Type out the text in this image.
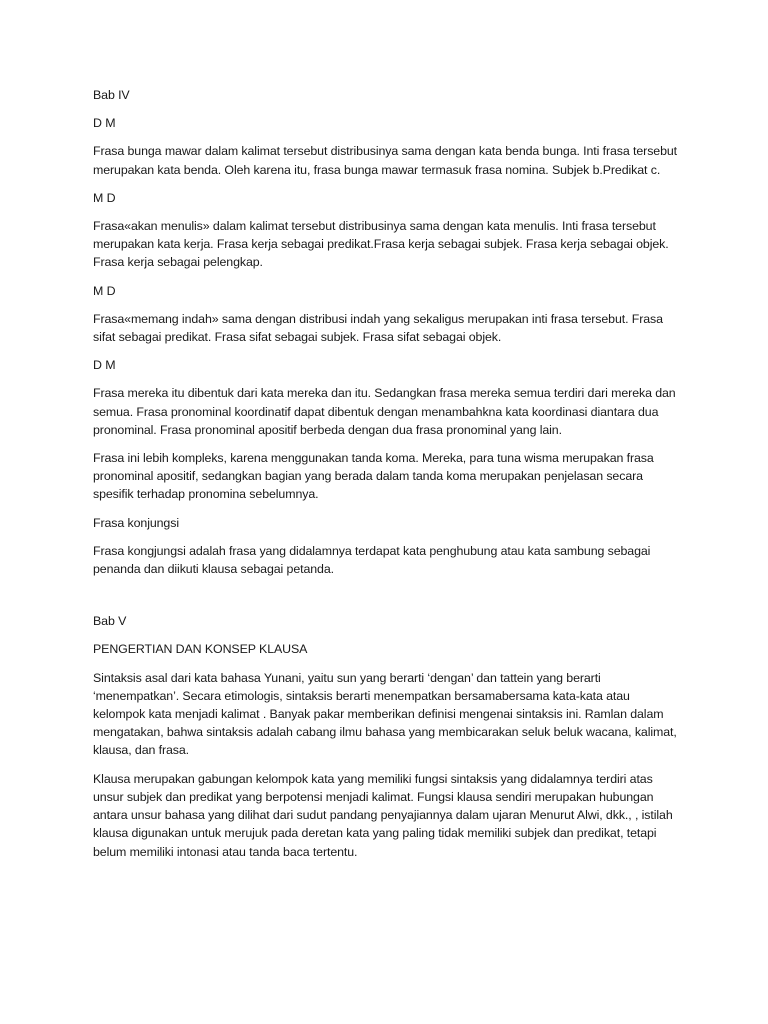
Bab IV

D M

Frasa bunga mawar dalam kalimat tersebut distribusinya sama dengan kata benda bunga. Inti frasa tersebut merupakan kata benda. Oleh karena itu, frasa bunga mawar termasuk frasa nomina. Subjek b.Predikat c.

M D

Frasa«akan menulis» dalam kalimat tersebut distribusinya sama dengan kata menulis. Inti frasa tersebut merupakan kata kerja. Frasa kerja sebagai predikat.Frasa kerja sebagai subjek. Frasa kerja sebagai objek. Frasa kerja sebagai pelengkap.

M D

Frasa«memang indah» sama dengan distribusi indah yang sekaligus merupakan inti frasa tersebut. Frasa sifat sebagai predikat. Frasa sifat sebagai subjek. Frasa sifat sebagai objek.

D M

Frasa mereka itu dibentuk dari kata mereka dan itu. Sedangkan frasa mereka semua terdiri dari mereka dan semua. Frasa pronominal koordinatif dapat dibentuk dengan menambahkna kata koordinasi diantara dua pronominal. Frasa pronominal apositif berbeda dengan dua frasa pronominal yang lain.

Frasa ini lebih kompleks, karena menggunakan tanda koma. Mereka, para tuna wisma merupakan frasa pronominal apositif, sedangkan bagian yang berada dalam tanda koma merupakan penjelasan secara spesifik terhadap pronomina sebelumnya.

Frasa konjungsi

Frasa kongjungsi adalah frasa yang didalamnya terdapat kata penghubung atau kata sambung sebagai penanda dan diikuti klausa sebagai petanda.

Bab V

PENGERTIAN DAN KONSEP KLAUSA

Sintaksis asal dari kata bahasa Yunani, yaitu sun yang berarti ‘dengan’ dan tattein yang berarti ‘menempatkan’. Secara etimologis, sintaksis berarti menempatkan bersamabersama kata-kata atau kelompok kata menjadi kalimat . Banyak pakar memberikan definisi mengenai sintaksis ini. Ramlan dalam mengatakan, bahwa sintaksis adalah cabang ilmu bahasa yang membicarakan seluk beluk wacana, kalimat, klausa, dan frasa.

Klausa merupakan gabungan kelompok kata yang memiliki fungsi sintaksis yang didalamnya terdiri atas unsur subjek dan predikat yang berpotensi menjadi kalimat. Fungsi klausa sendiri merupakan hubungan antara unsur bahasa yang dilihat dari sudut pandang penyajiannya dalam ujaran Menurut Alwi, dkk., , istilah klausa digunakan untuk merujuk pada deretan kata yang paling tidak memiliki subjek dan predikat, tetapi belum memiliki intonasi atau tanda baca tertentu.
